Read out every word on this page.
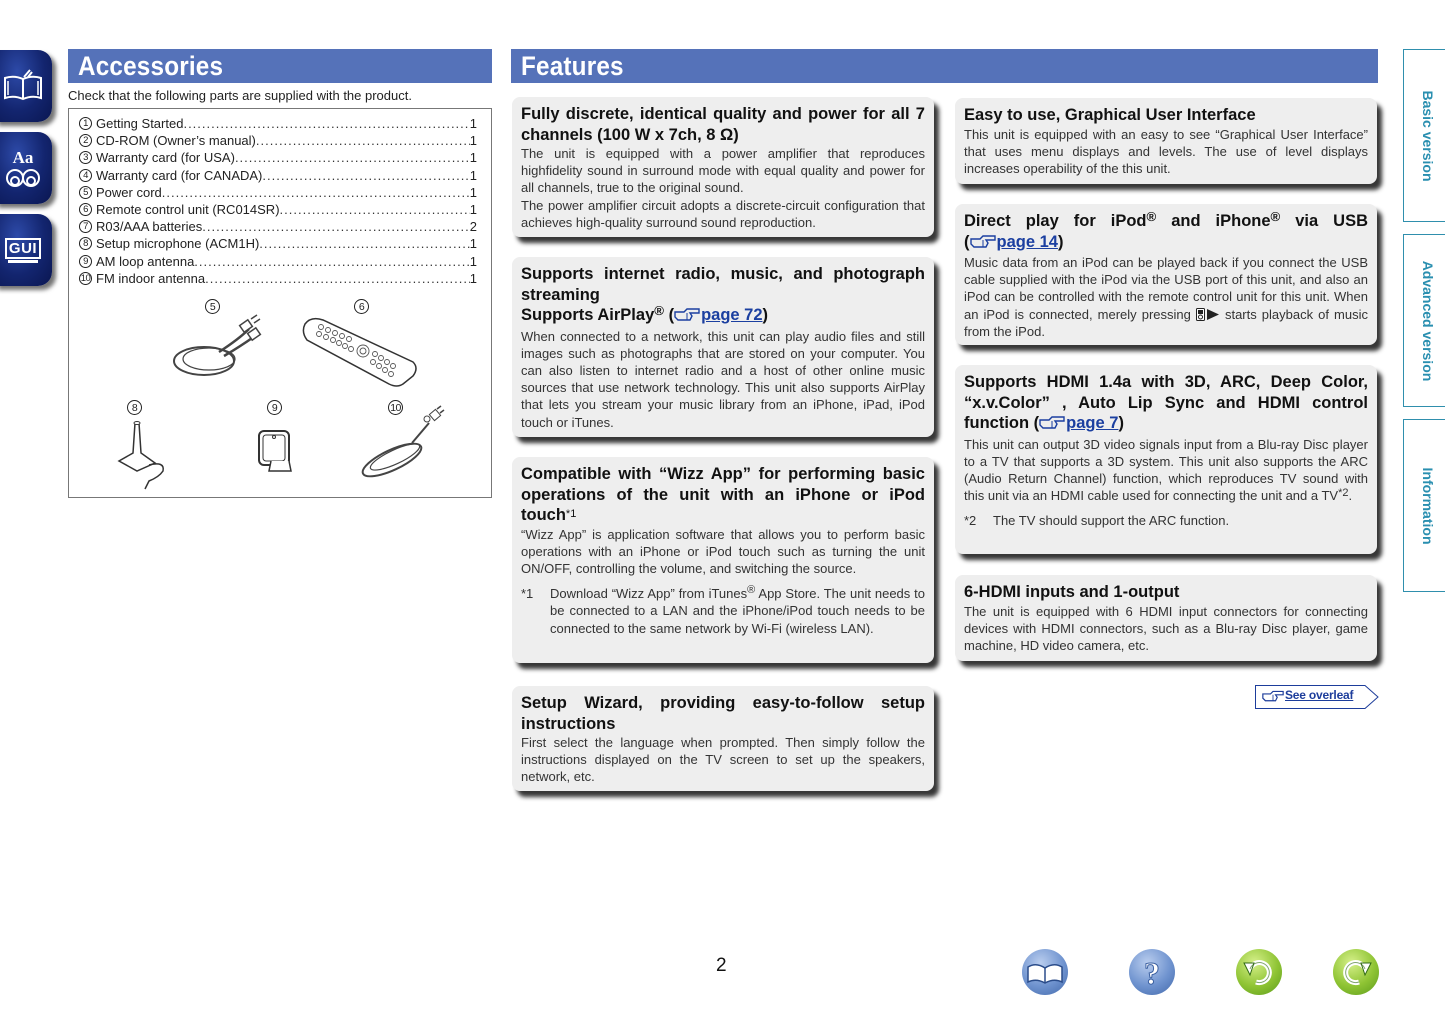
Aa
GUI
Accessories
Check that the following parts are supplied with the product.
1 Getting Started .....	1
2 CD-ROM (Owner’s manual) .....	1
3 Warranty card (for USA) .....	1
4 Warranty card (for CANADA) .....	1
5 Power cord .....	1
6 Remote control unit (RC014SR) .....	1
7 R03/AAA batteries .....	2
8 Setup microphone (ACM1H) .....	1
9 AM loop antenna .....	1
10 FM indoor antenna .....	1
5	6
8	9	10
Features
Fully discrete, identical quality and power for all 7 channels (100 W x 7ch, 8 Ω)

The unit is equipped with a power amplifier that reproduces highfidelity sound in surround mode with equal quality and power for all channels, true to the original sound.

The power amplifier circuit adopts a discrete-circuit configuration that achieves high-quality surround sound reproduction.

Supports internet radio, music, and photograph streaming
Supports AirPlay® ( page 72)

When connected to a network, this unit can play audio files and still images such as photographs that are stored on your computer. You can also listen to internet radio and a host of other online music sources that use network technology. This unit also supports AirPlay that lets you stream your music library from an iPhone, iPad, iPod touch or iTunes.

Compatible with “Wizz App” for performing basic operations of the unit with an iPhone or iPod touch$^{*1}$

“Wizz App” is application software that allows you to perform basic operations with an iPhone or iPod touch such as turning the unit ON/OFF, controlling the volume, and switching the source.

*1	Download “Wizz App” from iTunes® App Store. The unit needs to be connected to a LAN and the iPhone/iPod touch needs to be connected to the same network by Wi-Fi (wireless LAN).
Setup Wizard, providing easy-to-follow setup instructions

First select the language when prompted. Then simply follow the instructions displayed on the TV screen to set up the speakers, network, etc.

Easy to use, Graphical User Interface

This unit is equipped with an easy to see “Graphical User Interface” that uses menu displays and levels. The use of level displays increases operability of the this unit.

Direct play for iPod® and iPhone® via USB
( page 14)

Music data from an iPod can be played back if you connect the USB cable supplied with the iPod via the USB port of this unit, and also an iPod can be controlled with the remote control unit for this unit. When an iPod is connected, merely pressing
starts playback of music from the iPod.

Supports HDMI 1.4a with 3D, ARC, Deep Color, “x.v.Color” , Auto Lip Sync and HDMI control function ( page 7)

This unit can output 3D video signals input from a Blu-ray Disc player to a TV that supports a 3D system. This unit also supports the ARC (Audio Return Channel) function, which reproduces TV sound with this unit via an HDMI cable used for connecting the unit and a TV$^{*2}$.

*2	The TV should support the ARC function.
6-HDMI inputs and 1-output

The unit is equipped with 6 HDMI input connectors for connecting devices with HDMI connectors, such as a Blu-ray Disc player, game machine, HD video camera, etc.

See overleaf
Basic version
Advanced version
Information
2	?
